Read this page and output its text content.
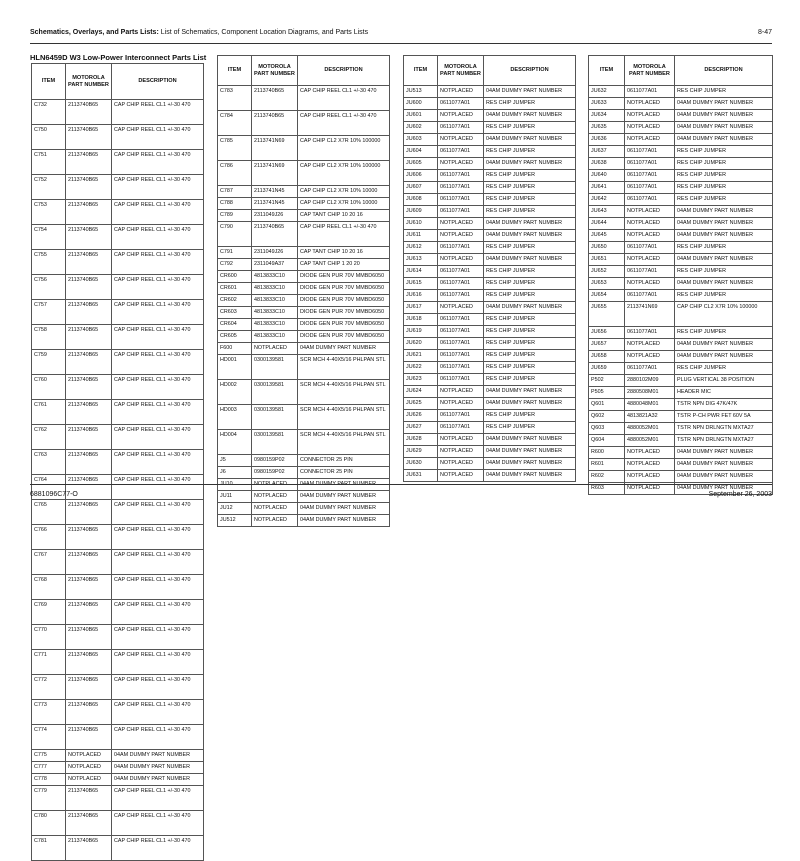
Schematics, Overlays, and Parts Lists: List of Schematics, Component Location Diagrams, and Parts Lists	8-47
HLN6459D W3 Low-Power Interconnect Parts List
ITEM	MOTOROLA PART NUMBER	DESCRIPTION
C732	2113740B65	CAP CHIP REEL CL1 +/-30 470
C750	2113740B65	CAP CHIP REEL CL1 +/-30 470
C751	2113740B65	CAP CHIP REEL CL1 +/-30 470
C752	2113740B65	CAP CHIP REEL CL1 +/-30 470
C753	2113740B65	CAP CHIP REEL CL1 +/-30 470
C754	2113740B65	CAP CHIP REEL CL1 +/-30 470
C755	2113740B65	CAP CHIP REEL CL1 +/-30 470
C756	2113740B65	CAP CHIP REEL CL1 +/-30 470
C757	2113740B65	CAP CHIP REEL CL1 +/-30 470
C758	2113740B65	CAP CHIP REEL CL1 +/-30 470
C759	2113740B65	CAP CHIP REEL CL1 +/-30 470
C760	2113740B65	CAP CHIP REEL CL1 +/-30 470
C761	2113740B65	CAP CHIP REEL CL1 +/-30 470
C762	2113740B65	CAP CHIP REEL CL1 +/-30 470
C763	2113740B65	CAP CHIP REEL CL1 +/-30 470
C764	2113740B65	CAP CHIP REEL CL1 +/-30 470
C765	2113740B65	CAP CHIP REEL CL1 +/-30 470
C766	2113740B65	CAP CHIP REEL CL1 +/-30 470
C767	2113740B65	CAP CHIP REEL CL1 +/-30 470
C768	2113740B65	CAP CHIP REEL CL1 +/-30 470
C769	2113740B65	CAP CHIP REEL CL1 +/-30 470
C770	2113740B65	CAP CHIP REEL CL1 +/-30 470
C771	2113740B65	CAP CHIP REEL CL1 +/-30 470
C772	2113740B65	CAP CHIP REEL CL1 +/-30 470
C773	2113740B65	CAP CHIP REEL CL1 +/-30 470
C774	2113740B65	CAP CHIP REEL CL1 +/-30 470
C775	NOTPLACED	04AM DUMMY PART NUMBER
C777	NOTPLACED	04AM DUMMY PART NUMBER
C778	NOTPLACED	04AM DUMMY PART NUMBER
C779	2113740B65	CAP CHIP REEL CL1 +/-30 470
C780	2113740B65	CAP CHIP REEL CL1 +/-30 470
C781	2113740B65	CAP CHIP REEL CL1 +/-30 470
ITEM	MOTOROLA PART NUMBER	DESCRIPTION
C783	2113740B65	CAP CHIP REEL CL1 +/-30 470
C784	2113740B65	CAP CHIP REEL CL1 +/-30 470
C785	2113741N69	CAP CHIP CL2 X7R 10% 100000
C786	2113741N69	CAP CHIP CL2 X7R 10% 100000
C787	2113741N45	CAP CHIP CL2 X7R 10% 10000
C788	2113741N45	CAP CHIP CL2 X7R 10% 10000
C789	2311049J26	CAP TANT CHIP 10 20 16
C790	2113740B65	CAP CHIP REEL CL1 +/-30 470
C791	2311049J26	CAP TANT CHIP 10 20 16
C792	2311049A37	CAP TANT CHIP 1 20 20
CR600	4813833C10	DIODE GEN PUR 70V MMBD6050
CR601	4813833C10	DIODE GEN PUR 70V MMBD6050
CR602	4813833C10	DIODE GEN PUR 70V MMBD6050
CR603	4813833C10	DIODE GEN PUR 70V MMBD6050
CR604	4813833C10	DIODE GEN PUR 70V MMBD6050
CR605	4813833C10	DIODE GEN PUR 70V MMBD6050
F600	NOTPLACED	04AM DUMMY PART NUMBER
HD001	0300139581	SCR MCH 4-40X5/16 PHLPAN STL
HD002	0300139581	SCR MCH 4-40X5/16 PHLPAN STL
HD003	0300139581	SCR MCH 4-40X5/16 PHLPAN STL
HD004	0300139581	SCR MCH 4-40X5/16 PHLPAN STL
J5	0980159P02	CONNECTOR 25 PIN
J6	0980159P02	CONNECTOR 25 PIN
JU10	NOTPLACED	04AM DUMMY PART NUMBER
JU11	NOTPLACED	04AM DUMMY PART NUMBER
JU12	NOTPLACED	04AM DUMMY PART NUMBER
JU512	NOTPLACED	04AM DUMMY PART NUMBER
ITEM	MOTOROLA PART NUMBER	DESCRIPTION
JU513	NOTPLACED	04AM DUMMY PART NUMBER
JU600	0611077A01	RES CHIP JUMPER
JU601	NOTPLACED	04AM DUMMY PART NUMBER
JU602	0611077A01	RES CHIP JUMPER
JU603	NOTPLACED	04AM DUMMY PART NUMBER
JU604	0611077A01	RES CHIP JUMPER
JU605	NOTPLACED	04AM DUMMY PART NUMBER
JU606	0611077A01	RES CHIP JUMPER
JU607	0611077A01	RES CHIP JUMPER
JU608	0611077A01	RES CHIP JUMPER
JU609	0611077A01	RES CHIP JUMPER
JU610	NOTPLACED	04AM DUMMY PART NUMBER
JU611	NOTPLACED	04AM DUMMY PART NUMBER
JU612	0611077A01	RES CHIP JUMPER
JU613	NOTPLACED	04AM DUMMY PART NUMBER
JU614	0611077A01	RES CHIP JUMPER
JU615	0611077A01	RES CHIP JUMPER
JU616	0611077A01	RES CHIP JUMPER
JU617	NOTPLACED	04AM DUMMY PART NUMBER
JU618	0611077A01	RES CHIP JUMPER
JU619	0611077A01	RES CHIP JUMPER
JU620	0611077A01	RES CHIP JUMPER
JU621	0611077A01	RES CHIP JUMPER
JU622	0611077A01	RES CHIP JUMPER
JU623	0611077A01	RES CHIP JUMPER
JU624	NOTPLACED	04AM DUMMY PART NUMBER
JU625	NOTPLACED	04AM DUMMY PART NUMBER
JU626	0611077A01	RES CHIP JUMPER
JU627	0611077A01	RES CHIP JUMPER
JU628	NOTPLACED	04AM DUMMY PART NUMBER
JU629	NOTPLACED	04AM DUMMY PART NUMBER
JU630	NOTPLACED	04AM DUMMY PART NUMBER
JU631	NOTPLACED	04AM DUMMY PART NUMBER
ITEM	MOTOROLA PART NUMBER	DESCRIPTION
JU632	0611077A01	RES CHIP JUMPER
JU633	NOTPLACED	04AM DUMMY PART NUMBER
JU634	NOTPLACED	04AM DUMMY PART NUMBER
JU635	NOTPLACED	04AM DUMMY PART NUMBER
JU636	NOTPLACED	04AM DUMMY PART NUMBER
JU637	0611077A01	RES CHIP JUMPER
JU638	0611077A01	RES CHIP JUMPER
JU640	0611077A01	RES CHIP JUMPER
JU641	0611077A01	RES CHIP JUMPER
JU642	0611077A01	RES CHIP JUMPER
JU643	NOTPLACED	04AM DUMMY PART NUMBER
JU644	NOTPLACED	04AM DUMMY PART NUMBER
JU645	NOTPLACED	04AM DUMMY PART NUMBER
JU650	0611077A01	RES CHIP JUMPER
JU651	NOTPLACED	04AM DUMMY PART NUMBER
JU652	0611077A01	RES CHIP JUMPER
JU653	NOTPLACED	04AM DUMMY PART NUMBER
JU654	0611077A01	RES CHIP JUMPER
JU655	2113741N69	CAP CHIP CL2 X7R 10% 100000
JU656	0611077A01	RES CHIP JUMPER
JU657	NOTPLACED	04AM DUMMY PART NUMBER
JU658	NOTPLACED	04AM DUMMY PART NUMBER
JU659	0611077A01	RES CHIP JUMPER
P502	2880102M09	PLUG VERTICAL 38 POSITION
P505	2880508M01	HEADER MIC
Q601	4880048M01	TSTR NPN DIG 47K/47K
Q602	4813821A32	TSTR P-CH PWR FET 60V 5A
Q603	4880052M01	TSTR NPN DRLNGTN MXTA27
Q604	4880052M01	TSTR NPN DRLNGTN MXTA27
R600	NOTPLACED	04AM DUMMY PART NUMBER
R601	NOTPLACED	04AM DUMMY PART NUMBER
R602	NOTPLACED	04AM DUMMY PART NUMBER
R603	NOTPLACED	04AM DUMMY PART NUMBER
6881096C77-O	September 26, 2003
